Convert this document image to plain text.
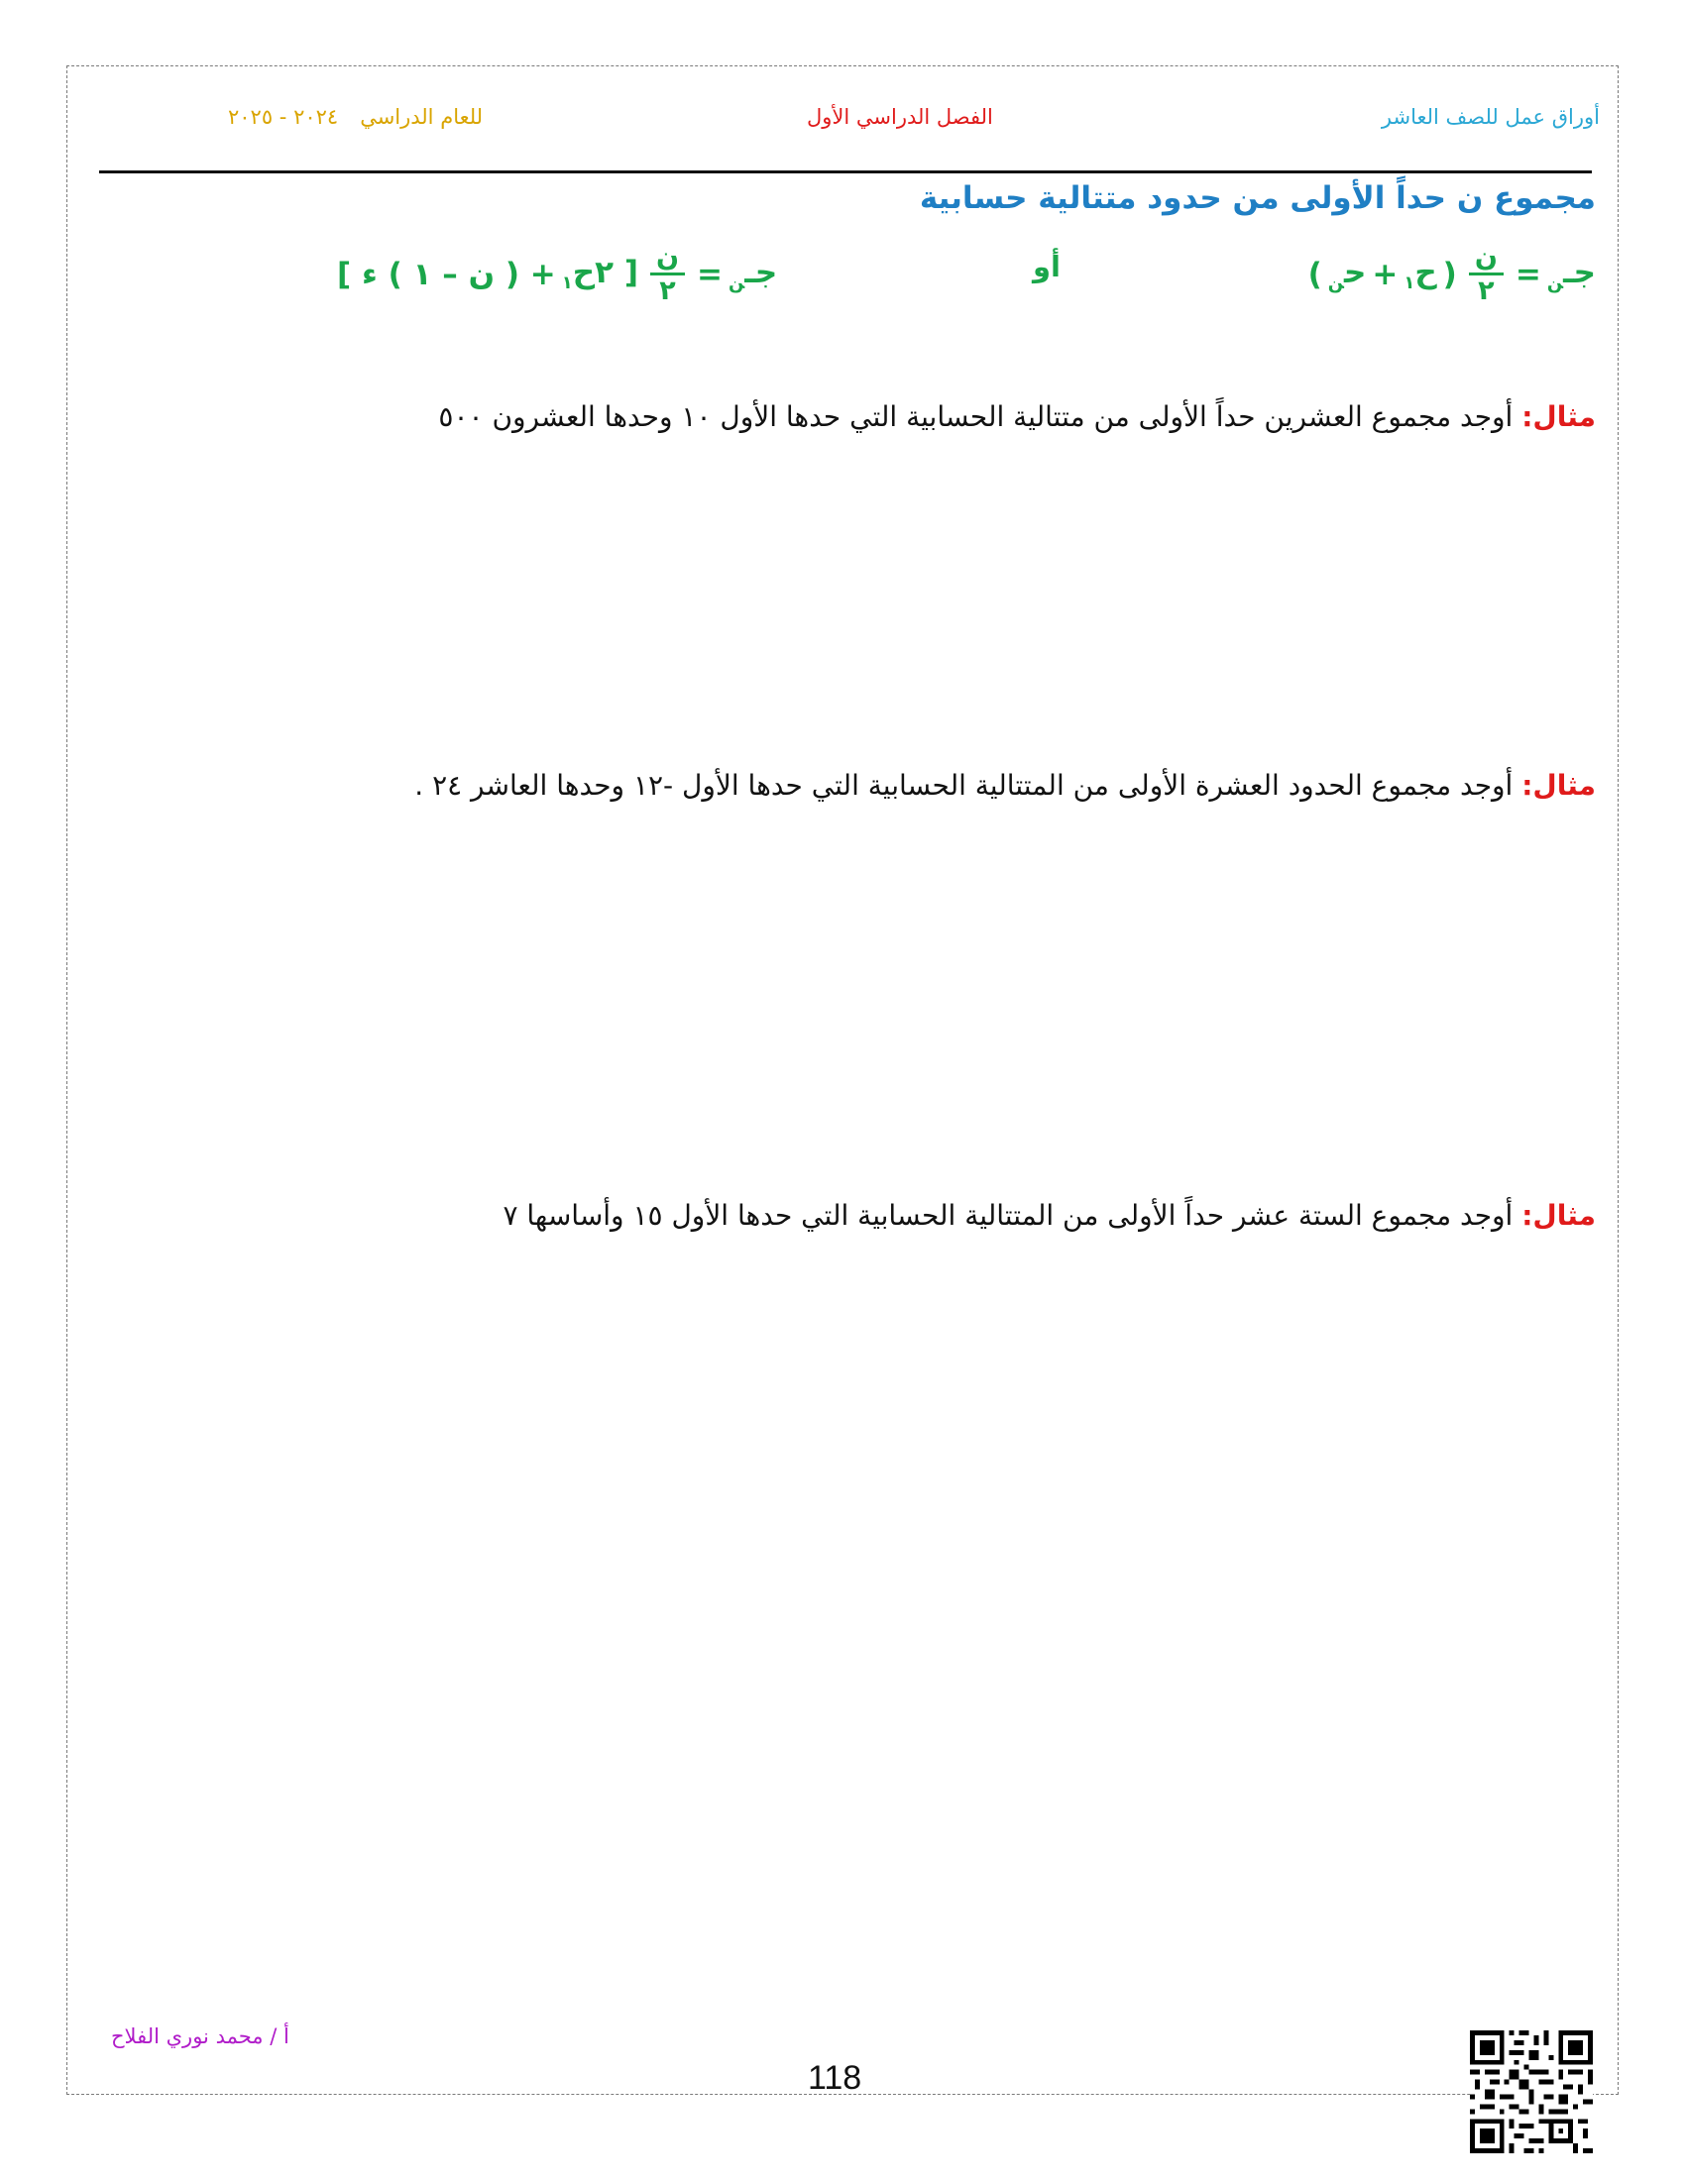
أوراق عمل للصف العاشر
الفصل الدراسي الأول
للعام الدراسي٢٠٢٤ - ٢٠٢٥
مجموع ن حداً الأولى من حدود متتالية حسابية
جـ$_ن$
=
$\frac{\text{ن}}{٢}$
(
ح$_١$
+
ح$_ن$
)
أو
جـ$_ن$
=
$\frac{\text{ن}}{٢}$
[ ٢ح$_١$
+ ( ن – ١ ) ء ]
مثال: أوجد مجموع العشرين حداً الأولى من متتالية الحسابية التي حدها الأول ١٠ وحدها العشرون ٥٠٠
مثال: أوجد مجموع الحدود العشرة الأولى من المتتالية الحسابية التي حدها الأول -١٢ وحدها العاشر ٢٤ .
مثال: أوجد مجموع الستة عشر حداً الأولى من المتتالية الحسابية التي حدها الأول ١٥ وأساسها ٧
أ / محمد نوري الفلاح
118
